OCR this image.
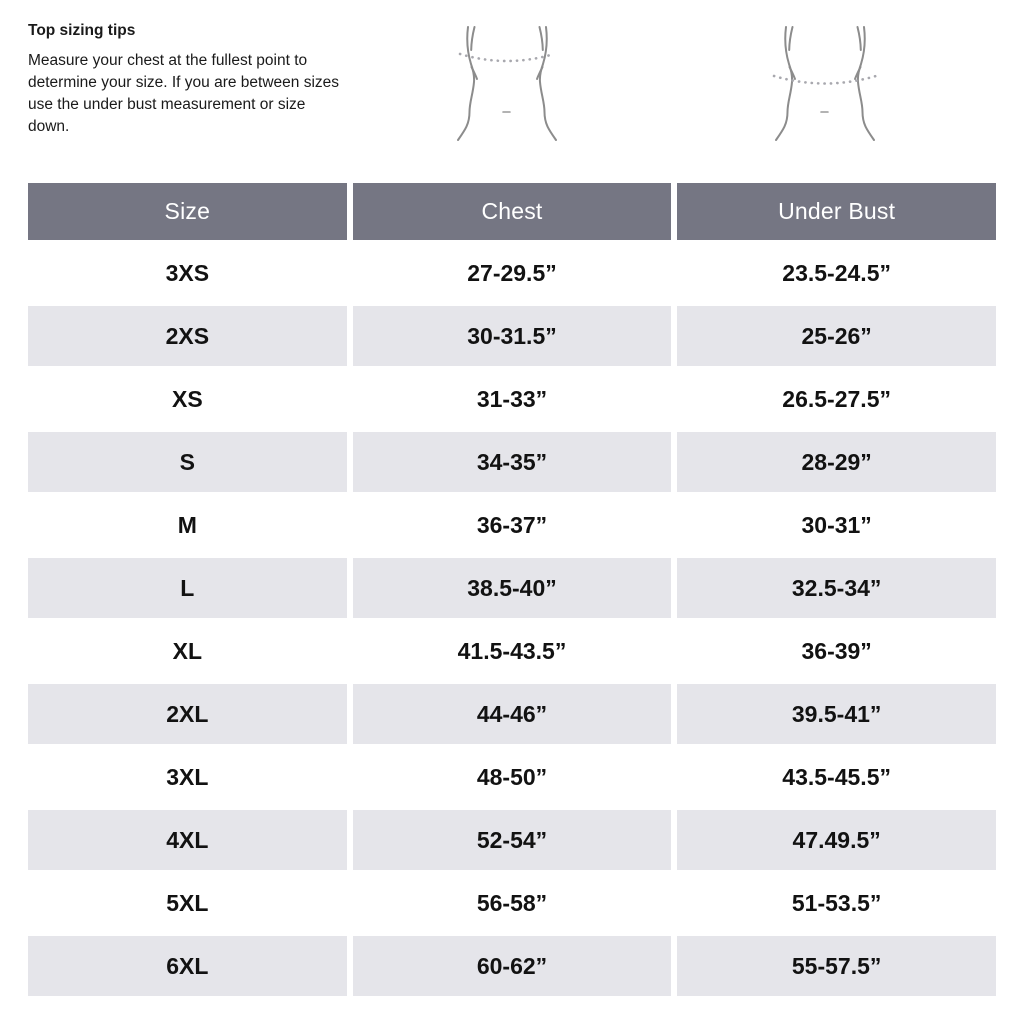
Top sizing tips
Measure your chest at the fullest point to determine your size. If you are between sizes use the under bust measurement or size down.
Size	Chest	Under Bust
3XS	27-29.5”	23.5-24.5”
2XS	30-31.5”	25-26”
XS	31-33”	26.5-27.5”
S	34-35”	28-29”
M	36-37”	30-31”
L	38.5-40”	32.5-34”
XL	41.5-43.5”	36-39”
2XL	44-46”	39.5-41”
3XL	48-50”	43.5-45.5”
4XL	52-54”	47.49.5”
5XL	56-58”	51-53.5”
6XL	60-62”	55-57.5”
